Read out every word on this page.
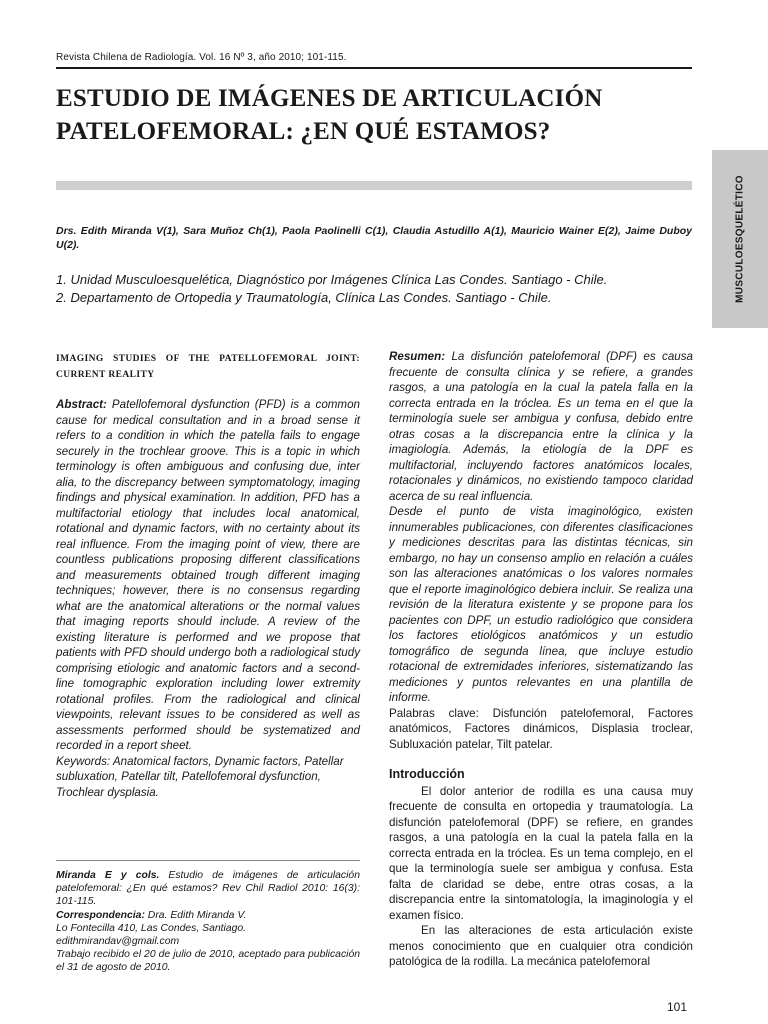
Revista Chilena de Radiología. Vol. 16 Nº 3, año 2010; 101-115.
ESTUDIO DE IMÁGENES DE ARTICULACIÓN
PATELOFEMORAL: ¿EN QUÉ ESTAMOS?
MUSCULOESQUELÉTICO
Drs. Edith Miranda V(1), Sara Muñoz Ch(1), Paola Paolinelli C(1), Claudia Astudillo A(1), Mauricio Wainer E(2), Jaime Duboy U(2).
1. Unidad Musculoesquelética, Diagnóstico por Imágenes Clínica Las Condes. Santiago - Chile.
2. Departamento de Ortopedia y Traumatología, Clínica Las Condes. Santiago - Chile.
IMAGING STUDIES OF THE PATELLOFEMORAL JOINT: CURRENT REALITY
Abstract: Patellofemoral dysfunction (PFD) is a common cause for medical consultation and in a broad sense it refers to a condition in which the patella fails to engage securely in the trochlear groove. This is a topic in which terminology is often ambiguous and confusing due, inter alia, to the discrepancy between symptomatology, imaging findings and physical examination. In addition, PFD has a multifactorial etiology that includes local anatomical, rotational and dynamic factors, with no certainty about its real influence. From the imaging point of view, there are countless publications proposing different classifications and measurements obtained trough different imaging techniques; however, there is no consensus regarding what are the anatomical alterations or the normal values that imaging reports should include. A review of the existing literature is performed and we propose that patients with PFD should undergo both a radiological study comprising etiologic and anatomic factors and a second-line tomographic exploration including lower extremity rotational profiles. From the radiological and clinical viewpoints, relevant issues to be considered as well as assessments performed should be systematized and recorded in a report sheet.
Keywords: Anatomical factors, Dynamic factors, Patellar subluxation, Patellar tilt, Patellofemoral dysfunction, Trochlear dysplasia.
Miranda E y cols. Estudio de imágenes de articulación patelofemoral: ¿En qué estamos? Rev Chil Radiol 2010: 16(3): 101-115.
Correspondencia: Dra. Edith Miranda V.
Lo Fontecilla 410, Las Condes, Santiago.
edithmirandav@gmail.com
Trabajo recibido el 20 de julio de 2010, aceptado para publicación el 31 de agosto de 2010.
Resumen: La disfunción patelofemoral (DPF) es causa frecuente de consulta clínica y se refiere, a grandes rasgos, a una patología en la cual la patela falla en la correcta entrada en la tróclea. Es un tema en el que la terminología suele ser ambigua y confusa, debido entre otras cosas a la discrepancia entre la clínica y la imagiología. Además, la etiología de la DPF es multifactorial, incluyendo factores anatómicos locales, rotacionales y dinámicos, no existiendo tampoco claridad acerca de su real influencia.
Desde el punto de vista imaginológico, existen innumerables publicaciones, con diferentes clasificaciones y mediciones descritas para las distintas técnicas, sin embargo, no hay un consenso amplio en relación a cuáles son las alteraciones anatómicas o los valores normales que el reporte imaginológico debiera incluir. Se realiza una revisión de la literatura existente y se propone para los pacientes con DPF, un estudio radiológico que considera los factores etiológicos anatómicos y un estudio tomográfico de segunda línea, que incluye estudio rotacional de extremidades inferiores, sistematizando las mediciones y puntos relevantes en una plantilla de informe.
Palabras clave: Disfunción patelofemoral, Factores anatómicos, Factores dinámicos, Displasia troclear, Subluxación patelar, Tilt patelar.
Introducción

El dolor anterior de rodilla es una causa muy frecuente de consulta en ortopedia y traumatología. La disfunción patelofemoral (DPF) se refiere, en grandes rasgos, a una patología en la cual la patela falla en la correcta entrada en la tróclea. Es un tema complejo, en el que la terminología suele ser ambigua y confusa. Esta falta de claridad se debe, entre otras cosas, a la discrepancia entre la sintomatología, la imaginología y el examen físico.

En las alteraciones de esta articulación existe menos conocimiento que en cualquier otra condición patológica de la rodilla. La mecánica patelofemoral

101
